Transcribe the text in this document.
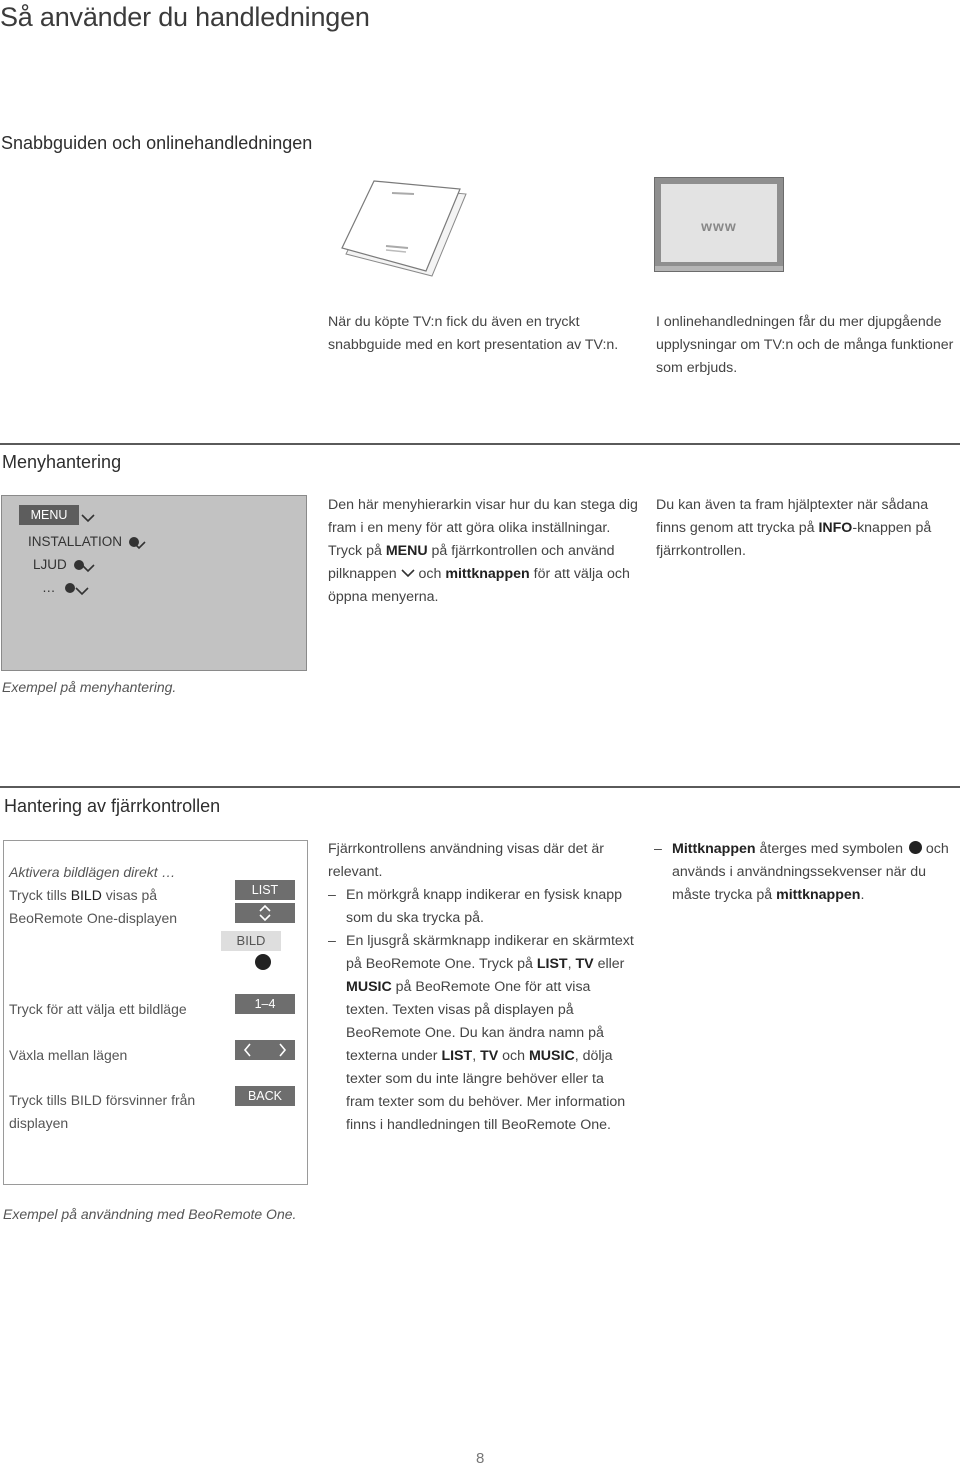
Så använder du handledningen
Snabbguiden och onlinehandledningen
www
När du köpte TV:n fick du även en tryckt snabbguide med en kort presentation av TV:n.
I onlinehandledningen får du mer djupgående upplysningar om TV:n och de många funktioner som erbjuds.
Menyhantering
MENU
INSTALLATION
LJUD
…
Den här menyhierarkin visar hur du kan stega dig fram i en meny för att göra olika inställningar. Tryck på MENU på fjärrkontrollen och använd pilknappen  och mittknappen för att välja och öppna menyerna.
Du kan även ta fram hjälptexter när sådana finns genom att trycka på INFO-knappen på fjärrkontrollen.
Exempel på menyhantering.
Hantering av fjärrkontrollen
Aktivera bildlägen direkt …
Tryck tills BILD visas på BeoRemote One-displayen
Tryck för att välja ett bildläge
Växla mellan lägen
Tryck tills BILD försvinner från displayen
LIST
BILD
1–4
BACK
Fjärrkontrollens användning visas där det är relevant.
– En mörkgrå knapp indikerar en fysisk knapp som du ska trycka på.
– En ljusgrå skärmknapp indikerar en skärmtext på BeoRemote One. Tryck på LIST, TV eller MUSIC på BeoRemote One för att visa texten. Texten visas på displayen på BeoRemote One. Du kan ändra namn på texterna under LIST, TV och MUSIC, dölja texter som du inte längre behöver eller ta fram texter som du behöver. Mer information finns i handledningen till BeoRemote One.
– Mittknappen återges med symbolen  och används i användningssekvenser när du måste trycka på mittknappen.
Exempel på användning med BeoRemote One.
8
